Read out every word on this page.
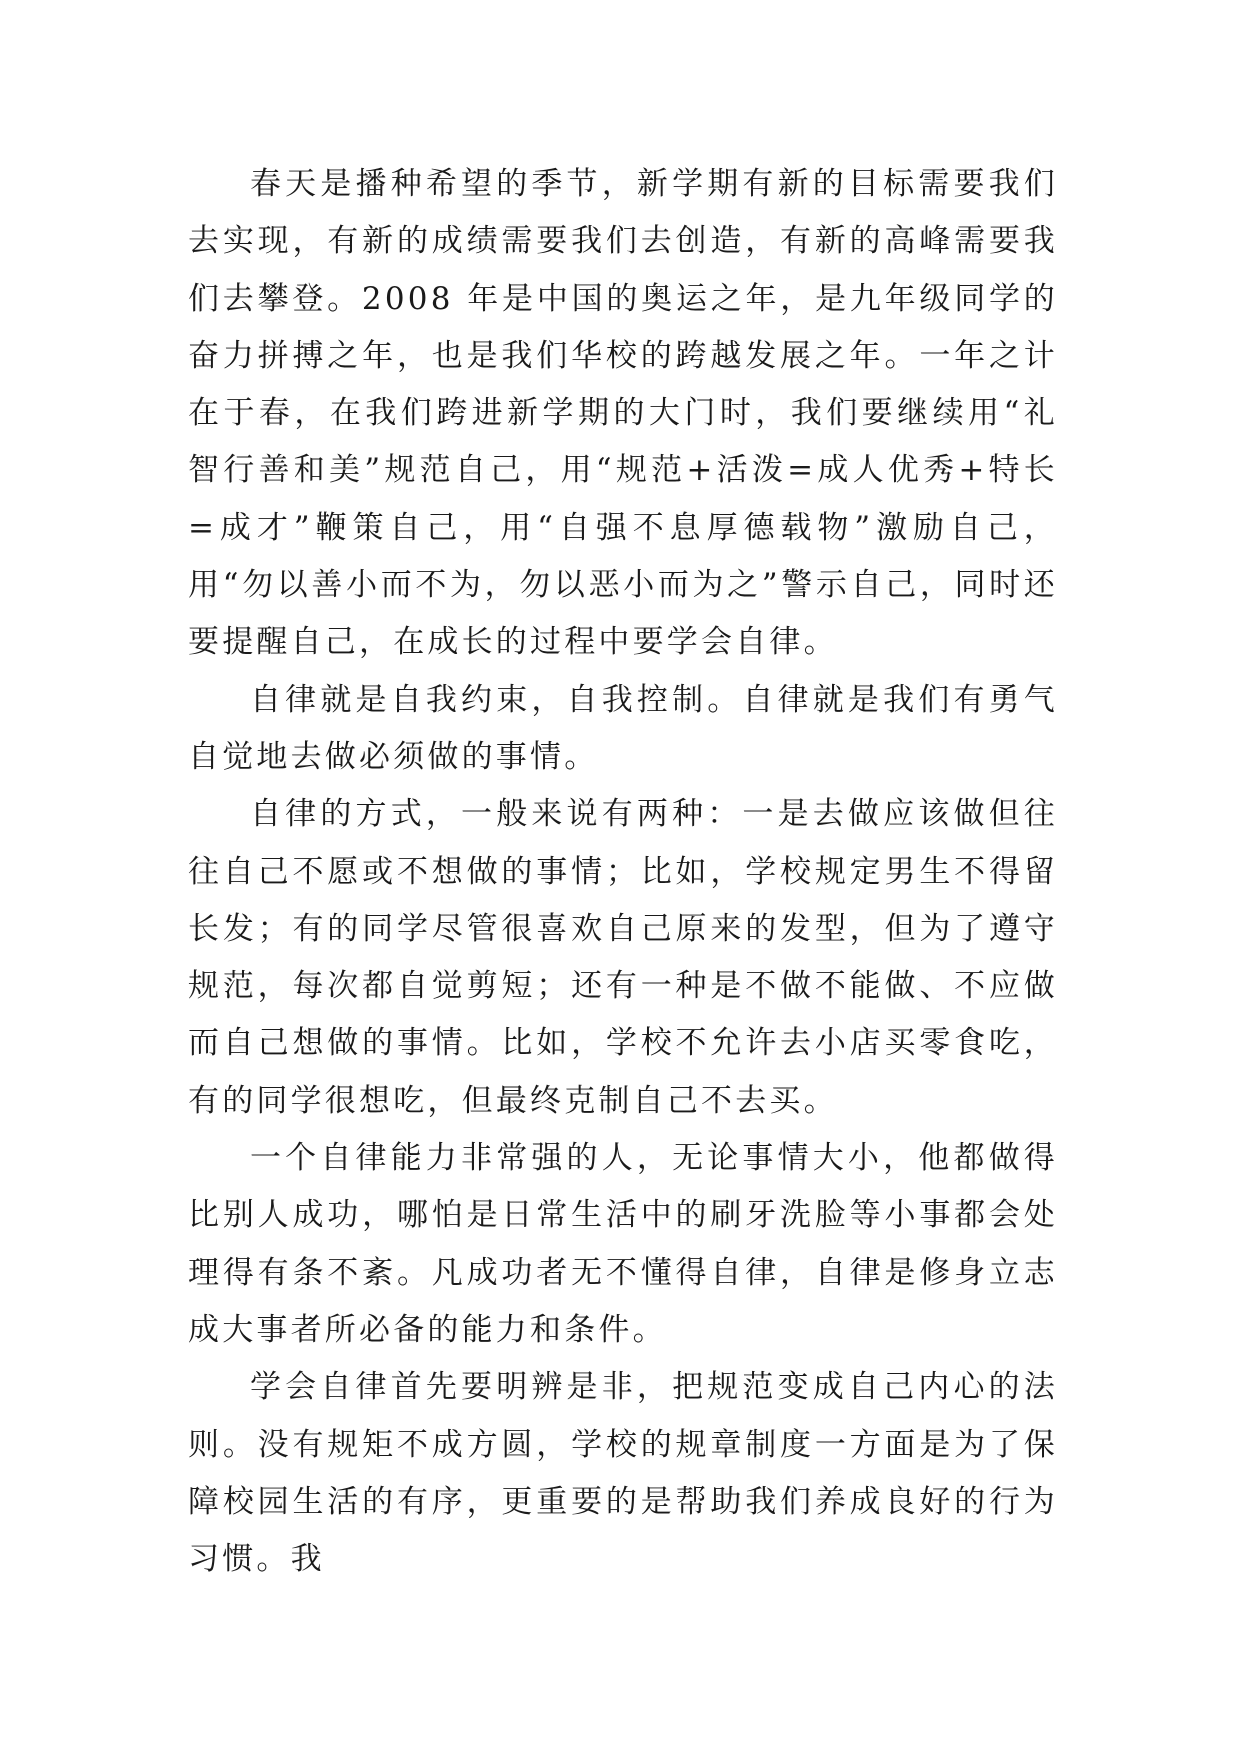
春天是播种希望的季节，新学期有新的目标需要我们去实现，有新的成绩需要我们去创造，有新的高峰需要我们去攀登。2008 年是中国的奥运之年，是九年级同学的奋力拼搏之年，也是我们华校的跨越发展之年。一年之计在于春，在我们跨进新学期的大门时，我们要继续用“礼智行善和美”规范自己，用“规范+活泼=成人优秀+特长=成才”鞭策自己，用“自强不息厚德载物”激励自己，用“勿以善小而不为，勿以恶小而为之”警示自己，同时还要提醒自己，在成长的过程中要学会自律。

自律就是自我约束，自我控制。自律就是我们有勇气自觉地去做必须做的事情。

自律的方式，一般来说有两种：一是去做应该做但往往自己不愿或不想做的事情；比如，学校规定男生不得留长发；有的同学尽管很喜欢自己原来的发型，但为了遵守规范，每次都自觉剪短；还有一种是不做不能做、不应做而自己想做的事情。比如，学校不允许去小店买零食吃，有的同学很想吃，但最终克制自己不去买。

一个自律能力非常强的人，无论事情大小，他都做得比别人成功，哪怕是日常生活中的刷牙洗脸等小事都会处理得有条不紊。凡成功者无不懂得自律，自律是修身立志成大事者所必备的能力和条件。

学会自律首先要明辨是非，把规范变成自己内心的法则。没有规矩不成方圆，学校的规章制度一方面是为了保障校园生活的有序，更重要的是帮助我们养成良好的行为习惯。我
